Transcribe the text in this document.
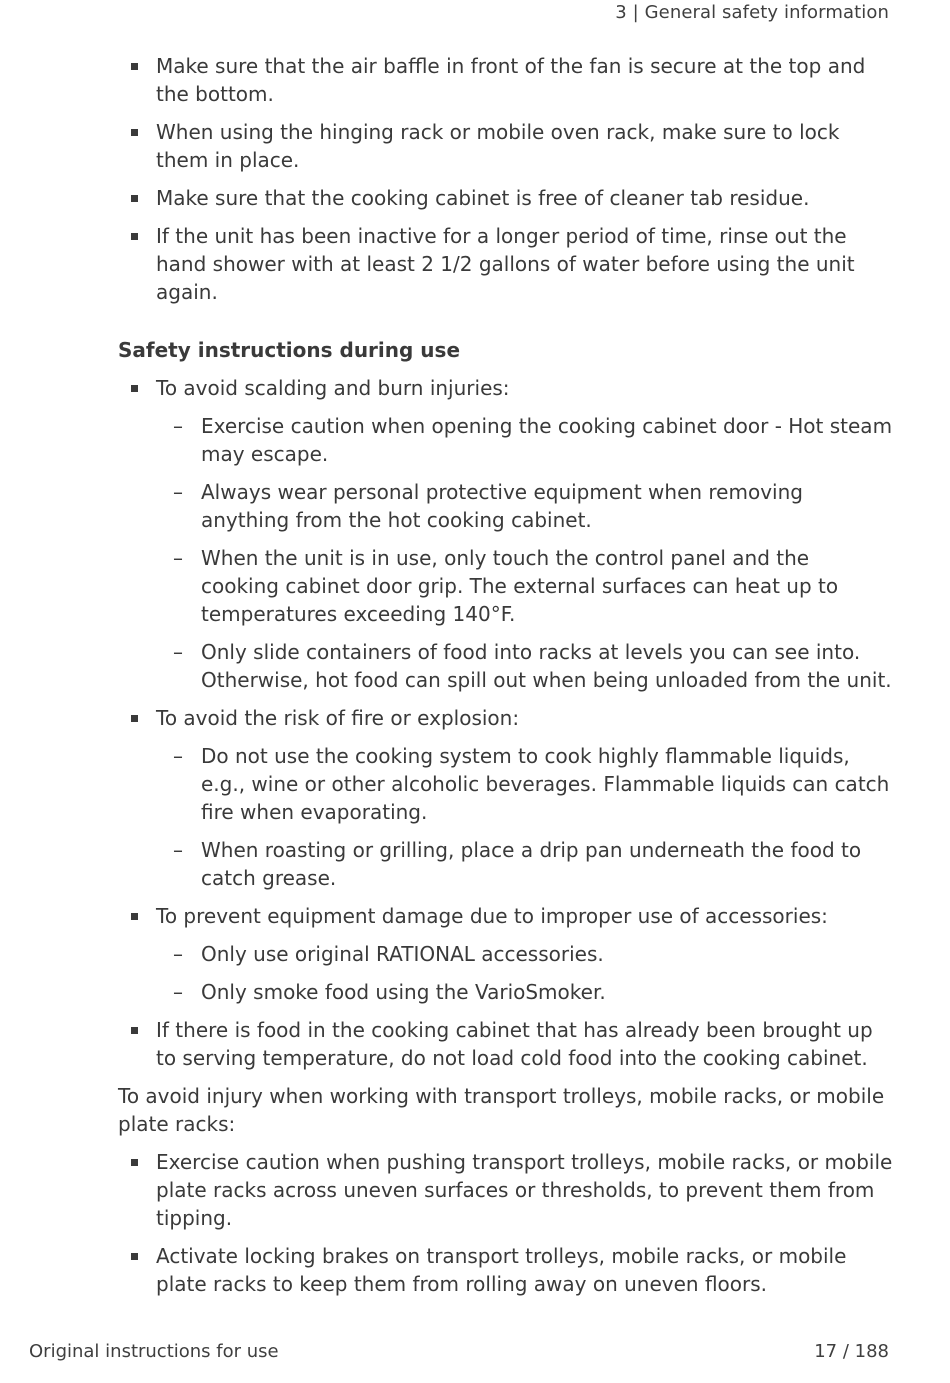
3 | General safety information
Make sure that the air baffle in front of the fan is secure at the top and the bottom.
When using the hinging rack or mobile oven rack, make sure to lock them in place.
Make sure that the cooking cabinet is free of cleaner tab residue.
If the unit has been inactive for a longer period of time, rinse out the hand shower with at least 2 1/2 gallons of water before using the unit again.
Safety instructions during use
To avoid scalding and burn injuries:
– Exercise caution when opening the cooking cabinet door - Hot steam may escape.
– Always wear personal protective equipment when removing anything from the hot cooking cabinet.
– When the unit is in use, only touch the control panel and the cooking cabinet door grip. The external surfaces can heat up to temperatures exceeding 140°F.
– Only slide containers of food into racks at levels you can see into. Otherwise, hot food can spill out when being unloaded from the unit.
To avoid the risk of fire or explosion:
– Do not use the cooking system to cook highly flammable liquids, e.g., wine or other alcoholic beverages. Flammable liquids can catch fire when evaporating.
– When roasting or grilling, place a drip pan underneath the food to catch grease.
To prevent equipment damage due to improper use of accessories:
– Only use original RATIONAL accessories.
– Only smoke food using the VarioSmoker.
If there is food in the cooking cabinet that has already been brought up to serving temperature, do not load cold food into the cooking cabinet.

To avoid injury when working with transport trolleys, mobile racks, or mobile plate racks:

Exercise caution when pushing transport trolleys, mobile racks, or mobile plate racks across uneven surfaces or thresholds, to prevent them from tipping.
Activate locking brakes on transport trolleys, mobile racks, or mobile plate racks to keep them from rolling away on uneven floors.
Original instructions for use	17 / 188
